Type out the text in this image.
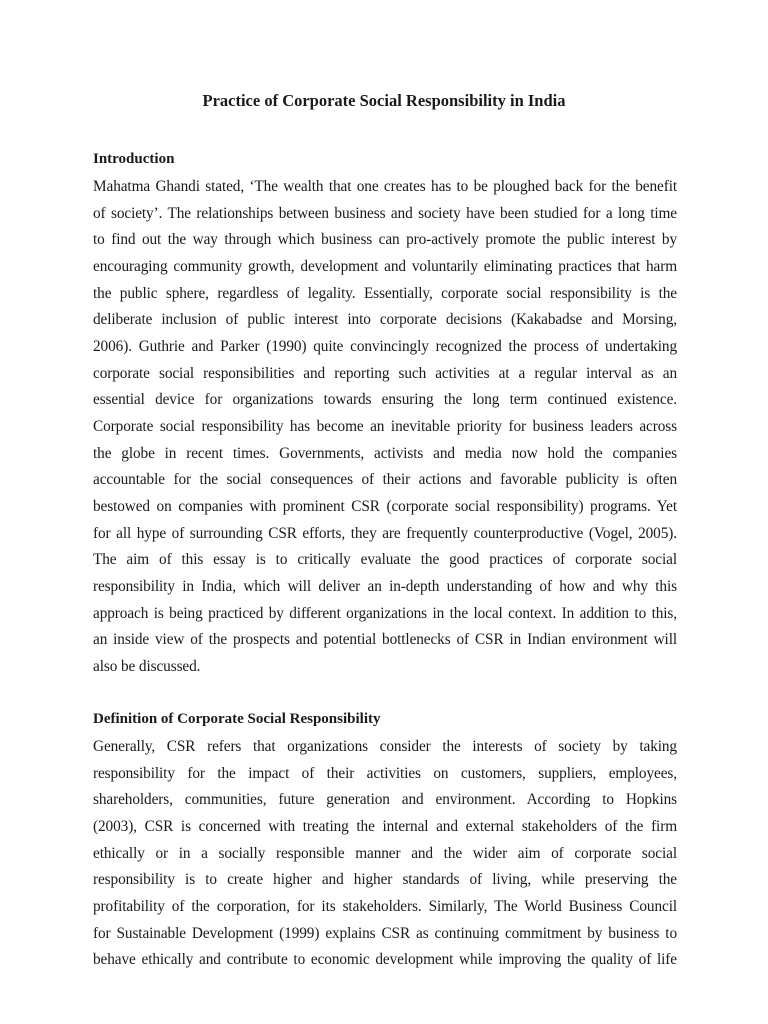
Practice of Corporate Social Responsibility in India
Introduction
Mahatma Ghandi stated, ‘The wealth that one creates has to be ploughed back for the benefit
of society’. The relationships between business and society have been studied for a long time
to find out the way through which business can pro-actively promote the public interest by
encouraging community growth, development and voluntarily eliminating practices that harm
the public sphere, regardless of legality. Essentially, corporate social responsibility is the
deliberate inclusion of public interest into corporate decisions (Kakabadse and Morsing,
2006). Guthrie and Parker (1990) quite convincingly recognized the process of undertaking
corporate social responsibilities and reporting such activities at a regular interval as an
essential device for organizations towards ensuring the long term continued existence.
Corporate social responsibility has become an inevitable priority for business leaders across
the globe in recent times. Governments, activists and media now hold the companies
accountable for the social consequences of their actions and favorable publicity is often
bestowed on companies with prominent CSR (corporate social responsibility) programs. Yet
for all hype of surrounding CSR efforts, they are frequently counterproductive (Vogel, 2005).
The aim of this essay is to critically evaluate the good practices of corporate social
responsibility in India, which will deliver an in-depth understanding of how and why this
approach is being practiced by different organizations in the local context. In addition to this,
an inside view of the prospects and potential bottlenecks of CSR in Indian environment will
also be discussed.
Definition of Corporate Social Responsibility
Generally, CSR refers that organizations consider the interests of society by taking
responsibility for the impact of their activities on customers, suppliers, employees,
shareholders, communities, future generation and environment. According to Hopkins
(2003), CSR is concerned with treating the internal and external stakeholders of the firm
ethically or in a socially responsible manner and the wider aim of corporate social
responsibility is to create higher and higher standards of living, while preserving the
profitability of the corporation, for its stakeholders. Similarly, The World Business Council
for Sustainable Development (1999) explains CSR as continuing commitment by business to
behave ethically and contribute to economic development while improving the quality of life
